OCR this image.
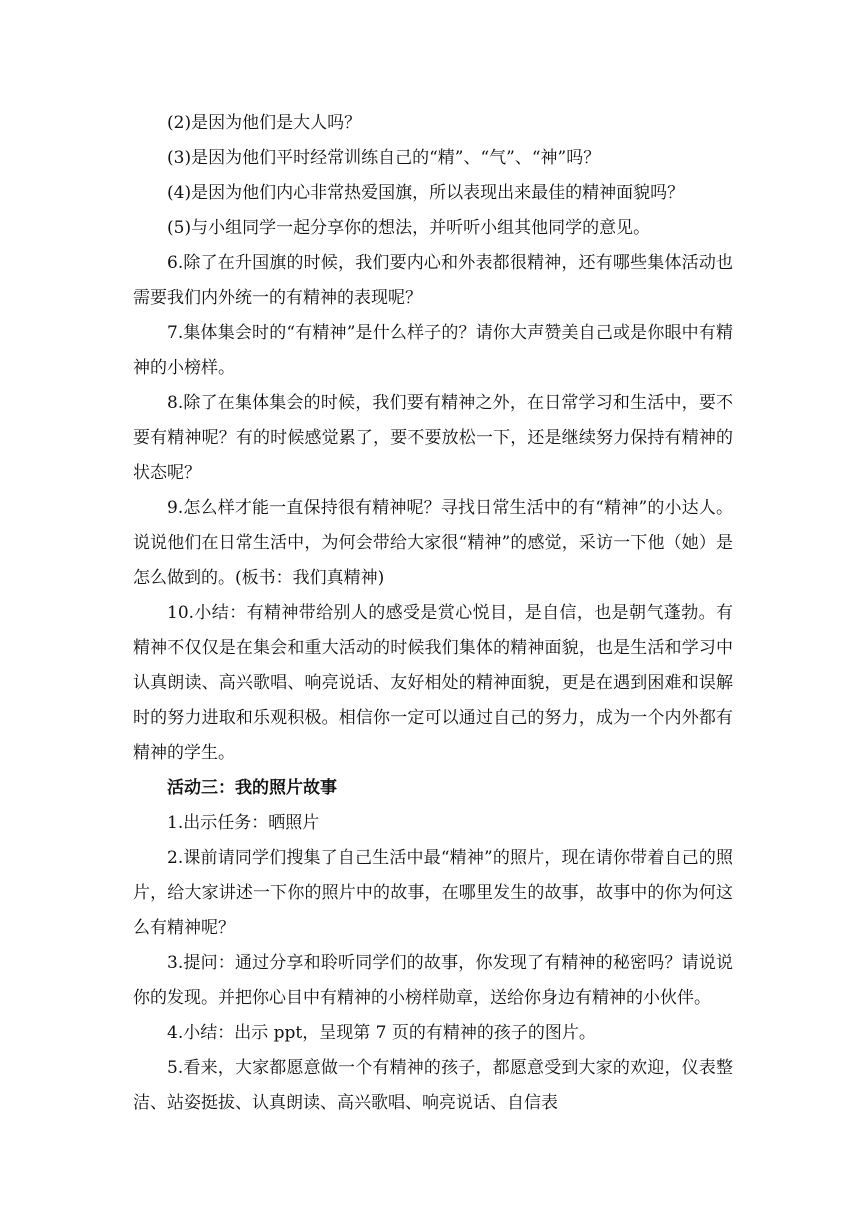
(2)是因为他们是大人吗？

(3)是因为他们平时经常训练自己的“精”、“气”、“神”吗？

(4)是因为他们内心非常热爱国旗，所以表现出来最佳的精神面貌吗？

(5)与小组同学一起分享你的想法，并听听小组其他同学的意见。

6.除了在升国旗的时候，我们要内心和外表都很精神，还有哪些集体活动也需要我们内外统一的有精神的表现呢？

7.集体集会时的“有精神”是什么样子的？请你大声赞美自己或是你眼中有精神的小榜样。

8.除了在集体集会的时候，我们要有精神之外，在日常学习和生活中，要不要有精神呢？有的时候感觉累了，要不要放松一下，还是继续努力保持有精神的状态呢？

9.怎么样才能一直保持很有精神呢？寻找日常生活中的有“精神”的小达人。说说他们在日常生活中，为何会带给大家很“精神”的感觉，采访一下他（她）是怎么做到的。(板书：我们真精神)

10.小结：有精神带给别人的感受是赏心悦目，是自信，也是朝气蓬勃。有精神不仅仅是在集会和重大活动的时候我们集体的精神面貌，也是生活和学习中认真朗读、高兴歌唱、响亮说话、友好相处的精神面貌，更是在遇到困难和误解时的努力进取和乐观积极。相信你一定可以通过自己的努力，成为一个内外都有精神的学生。

活动三：我的照片故事

1.出示任务：晒照片

2.课前请同学们搜集了自己生活中最“精神”的照片，现在请你带着自己的照片，给大家讲述一下你的照片中的故事，在哪里发生的故事，故事中的你为何这么有精神呢？

3.提问：通过分享和聆听同学们的故事，你发现了有精神的秘密吗？请说说你的发现。并把你心目中有精神的小榜样勋章，送给你身边有精神的小伙伴。

4.小结：出示 ppt，呈现第 7 页的有精神的孩子的图片。

5.看来，大家都愿意做一个有精神的孩子，都愿意受到大家的欢迎，仪表整洁、站姿挺拔、认真朗读、高兴歌唱、响亮说话、自信表
